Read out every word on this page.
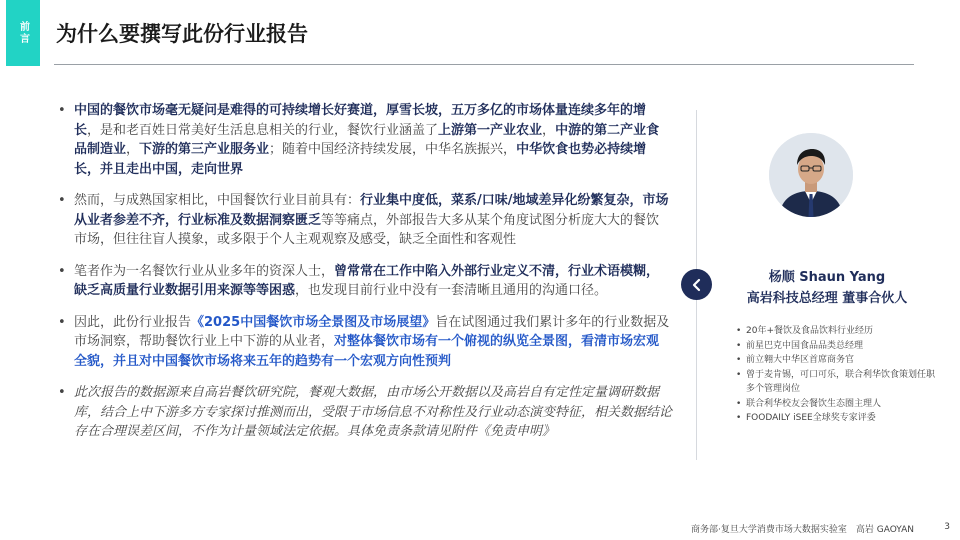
前言 为什么要撰写此份行业报告
• 中国的餐饮市场毫无疑问是难得的可持续增长好赛道，厚雪长坡，五万多亿的市场体量连续多年的增长，是和老百姓日常美好生活息息相关的行业，餐饮行业涵盖了上游第一产业农业，中游的第二产业食品制造业，下游的第三产业服务业；随着中国经济持续发展，中华名族振兴，中华饮食也势必持续增长，并且走出中国，走向世界
• 然而，与成熟国家相比，中国餐饮行业目前具有：行业集中度低，菜系/口味/地域差异化纷繁复杂，市场从业者参差不齐，行业标准及数据洞察匮乏等等痛点，外部报告大多从某个角度试图分析庞大大的餐饮市场，但往往盲人摸象，或多限于个人主观观察及感受，缺乏全面性和客观性
• 笔者作为一名餐饮行业从业多年的资深人士，曾常常在工作中陷入外部行业定义不清，行业术语模糊，缺乏高质量行业数据引用来源等等困惑，也发现目前行业中没有一套清晰且通用的沟通口径。
• 因此，此份行业报告《2025中国餐饮市场全景图及市场展望》旨在试图通过我们累计多年的行业数据及市场洞察，帮助餐饮行业上中下游的从业者，对整体餐饮市场有一个俯视的纵览全景图，看清市场宏观全貌，并且对中国餐饮市场将来五年的趋势有一个宏观方向性预判
• 此次报告的数据源来自高岩餐饮研究院，餐观大数据，由市场公开数据以及高岩自有定性定量调研数据库，结合上中下游多方专家探讨推测而出，受限于市场信息不对称性及行业动态演变特征，相关数据结论存在合理误差区间，不作为计量领域法定依据。具体免责条款请见附件《免责申明》
杨顺 Shaun Yang
高岩科技总经理 董事合伙人
• 20年+餐饮及食品饮料行业经历
• 前星巴克中国食品品类总经理
• 前立翱大中华区首席商务官
• 曾于麦肯锡，可口可乐，联合利华饮食策划任职多个管理岗位
• 联合利华校友会餐饮生态圈主理人
• FOODAILY iSEE全球奖专家评委
商务部·复旦大学消费市场大数据实验室　高岩 GAOYAN	3
